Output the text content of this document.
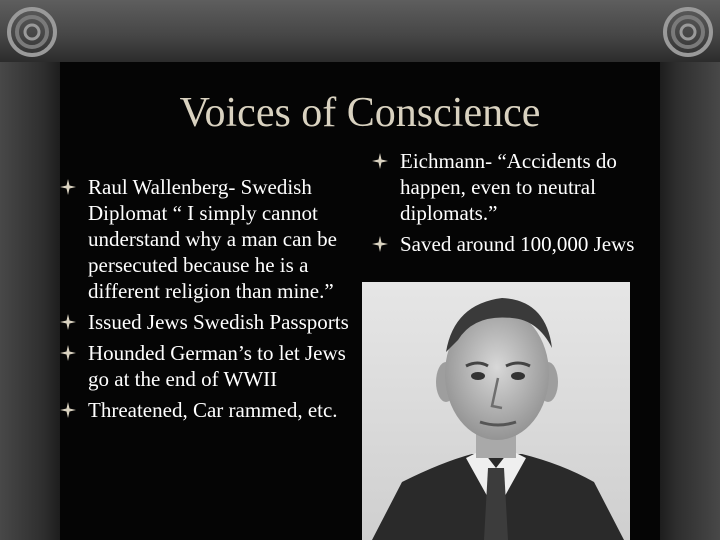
Voices of Conscience
Raul Wallenberg- Swedish Diplomat “ I simply cannot understand why a man can be persecuted because he is a different religion than mine.”
Issued Jews Swedish Passports
Hounded German’s to let Jews go at the end of WWII
Threatened, Car rammed, etc.
Eichmann- “Accidents do happen, even to neutral diplomats.”
Saved around 100,000 Jews
